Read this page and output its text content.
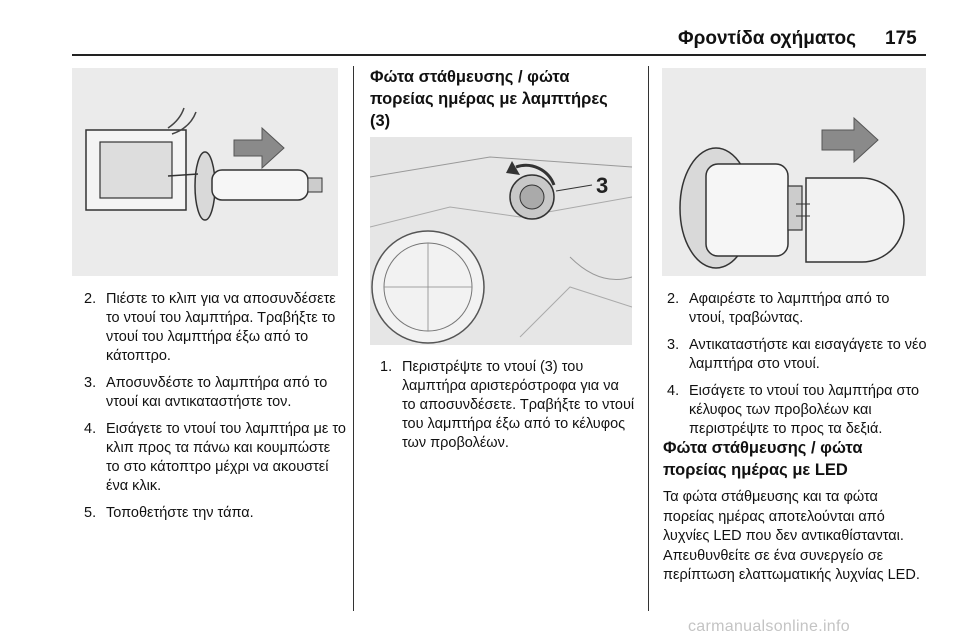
Φροντίδα οχήματος 175
2. Πιέστε το κλιπ για να αποσυνδέσετε το ντουί του λαμπτήρα. Τραβήξτε το ντουί του λαμπτήρα έξω από το κάτοπτρο.
3. Αποσυνδέστε το λαμπτήρα από το ντουί και αντικαταστήστε τον.
4. Εισάγετε το ντουί του λαμπτήρα με το κλιπ προς τα πάνω και κουμπώστε το στο κάτοπτρο μέχρι να ακουστεί ένα κλικ.
5. Τοποθετήστε την τάπα.
Φώτα στάθμευσης / φώτα πορείας ημέρας με λαμπτήρες (3)
3
1. Περιστρέψτε το ντουί (3) του λαμπτήρα αριστερόστροφα για να το αποσυνδέσετε. Τραβήξτε το ντουί του λαμπτήρα έξω από το κέλυφος των προβολέων.
2. Αφαιρέστε το λαμπτήρα από το ντουί, τραβώντας.
3. Αντικαταστήστε και εισαγάγετε το νέο λαμπτήρα στο ντουί.
4. Εισάγετε το ντουί του λαμπτήρα στο κέλυφος των προβολέων και περιστρέψτε το προς τα δεξιά.
Φώτα στάθμευσης / φώτα πορείας ημέρας με LED

Τα φώτα στάθμευσης και τα φώτα πορείας ημέρας αποτελούνται από λυχνίες LED που δεν αντικαθίστανται. Απευθυνθείτε σε ένα συνεργείο σε περίπτωση ελαττωματικής λυχνίας LED.

carmanualsonline.info
